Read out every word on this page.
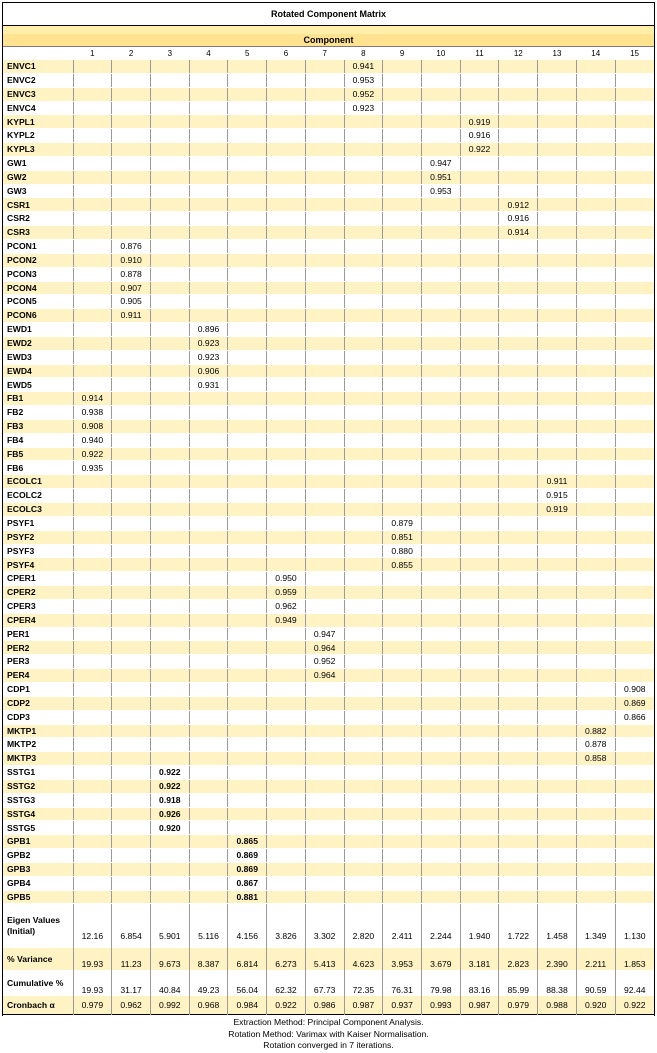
Rotated Component Matrix															

Component															
	1	2	3	4	5	6	7	8	9	10	11	12	13	14	15
ENVC1								0.941							
ENVC2								0.953							
ENVC3								0.952							
ENVC4								0.923							
KYPL1											0.919				
KYPL2											0.916				
KYPL3											0.922				
GW1										0.947					
GW2										0.951					
GW3										0.953					
CSR1												0.912			
CSR2												0.916			
CSR3												0.914			
PCON1		0.876													
PCON2		0.910													
PCON3		0.878													
PCON4		0.907													
PCON5		0.905													
PCON6		0.911													
EWD1				0.896											
EWD2				0.923											
EWD3				0.923											
EWD4				0.906											
EWD5				0.931											
FB1	0.914														
FB2	0.938														
FB3	0.908														
FB4	0.940														
FB5	0.922														
FB6	0.935														
ECOLC1													0.911		
ECOLC2													0.915		
ECOLC3													0.919		
PSYF1									0.879						
PSYF2									0.851						
PSYF3									0.880						
PSYF4									0.855						
CPER1						0.950									
CPER2						0.959									
CPER3						0.962									
CPER4						0.949									
PER1							0.947								
PER2							0.964								
PER3							0.952								
PER4							0.964								
CDP1															0.908
CDP2															0.869
CDP3															0.866
MKTP1														0.882	
MKTP2														0.878	
MKTP3														0.858	
SSTG1			0.922												
SSTG2			0.922												
SSTG3			0.918												
SSTG4			0.926												
SSTG5			0.920												
GPB1					0.865										
GPB2					0.869										
GPB3					0.869										
GPB4					0.867										
GPB5					0.881										
Eigen Values (Initial)	12.16	6.854	5.901	5.116	4.156	3.826	3.302	2.820	2.411	2.244	1.940	1.722	1.458	1.349	1.130
% Variance	19.93	11.23	9.673	8.387	6.814	6.273	5.413	4.623	3.953	3.679	3.181	2.823	2.390	2.211	1.853
Cumulative %	19.93	31.17	40.84	49.23	56.04	62.32	67.73	72.35	76.31	79.98	83.16	85.99	88.38	90.59	92.44
Cronbach α	0.979	0.962	0.992	0.968	0.984	0.922	0.986	0.987	0.937	0.993	0.987	0.979	0.988	0.920	0.922

Extraction Method: Principal Component Analysis.
Rotation Method: Varimax with Kaiser Normalisation.
Rotation converged in 7 iterations.															
